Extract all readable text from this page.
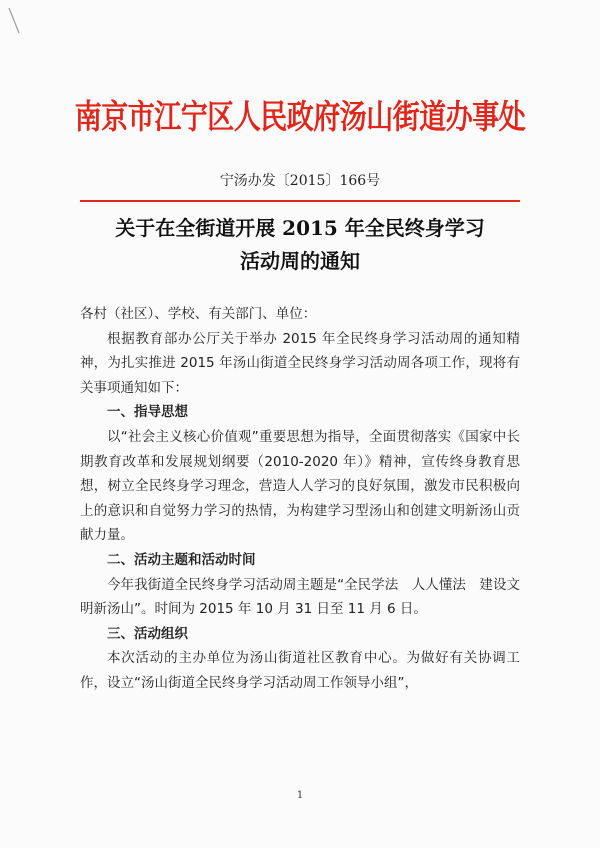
南京市江宁区人民政府汤山街道办事处
宁汤办发〔2015〕166号
关于在全街道开展 2015 年全民终身学习
活动周的通知

各村（社区）、学校、有关部门、单位：

根据教育部办公厅关于举办 2015 年全民终身学习活动周的通知精神，为扎实推进 2015 年汤山街道全民终身学习活动周各项工作，现将有关事项通知如下：

一、指导思想

以“社会主义核心价值观”重要思想为指导，全面贯彻落实《国家中长期教育改革和发展规划纲要（2010-2020 年）》精神，宣传终身教育思想，树立全民终身学习理念，营造人人学习的良好氛围，激发市民积极向上的意识和自觉努力学习的热情，为构建学习型汤山和创建文明新汤山贡献力量。

二、活动主题和活动时间

今年我街道全民终身学习活动周主题是“全民学法　人人懂法　建设文明新汤山”。时间为 2015 年 10 月 31 日至 11 月 6 日。

三、活动组织

本次活动的主办单位为汤山街道社区教育中心。为做好有关协调工作，设立“汤山街道全民终身学习活动周工作领导小组”，

1
